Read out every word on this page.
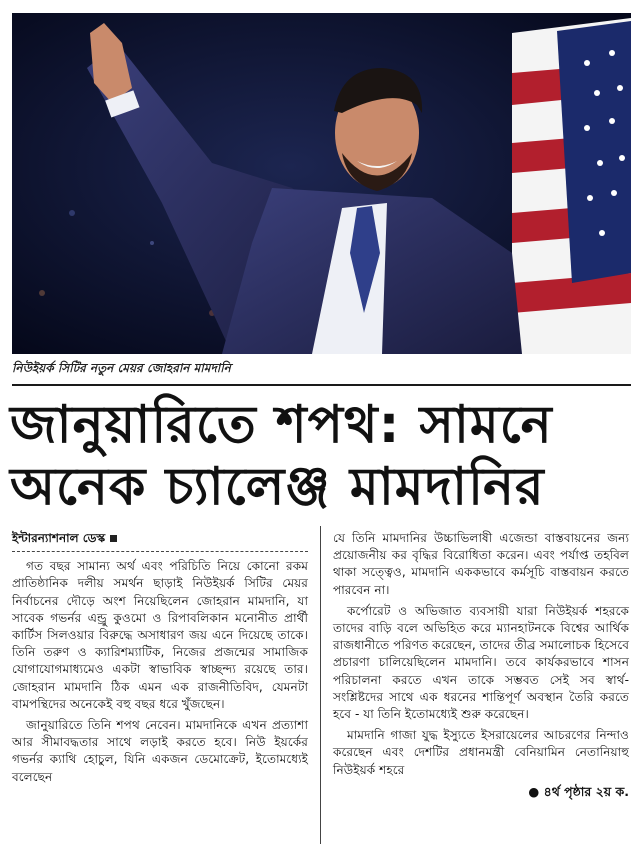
নিউইয়র্ক সিটির নতুন মেয়র জোহরান মামদানি
জানুয়ারিতে শপথ: সামনে
অনেক চ্যালেঞ্জ মামদানির
ইন্টারন্যাশনাল ডেস্ক

গত বছর সামান্য অর্থ এবং পরিচিতি নিয়ে কোনো রকম প্রাতিষ্ঠানিক দলীয় সমর্থন ছাড়াই নিউইয়র্ক সিটির মেয়র নির্বাচনের দৌড়ে অংশ নিয়েছিলেন জোহরান মামদানি, যা সাবেক গভর্নর এন্ড্রু কুওমো ও রিপাবলিকান মনোনীত প্রার্থী কার্টিস সিলওয়ার বিরুদ্ধে অসাধারণ জয় এনে দিয়েছে তাকে। তিনি তরুণ ও ক্যারিশম্যাটিক, নিজের প্রজন্মের সামাজিক যোগাযোগমাধ্যমেও একটা স্বাভাবিক স্বাচ্ছন্দ্য রয়েছে তার। জোহরান মামদানি ঠিক এমন এক রাজনীতিবিদ, যেমনটা বামপন্থিদের অনেকেই বহু বছর ধরে খুঁজছেন।

জানুয়ারিতে তিনি শপথ নেবেন। মামদানিকে এখন প্রত্যাশা আর সীমাবদ্ধতার সাথে লড়াই করতে হবে। নিউ ইয়র্কের গভর্নর ক্যাথি হোচুল, যিনি একজন ডেমোক্রেট, ইতোমধ্যেই বলেছেন

যে তিনি মামদানির উচ্চাভিলাষী এজেন্ডা বাস্তবায়নের জন্য প্রয়োজনীয় কর বৃদ্ধির বিরোধিতা করেন। এবং পর্যাপ্ত তহবিল থাকা সত্ত্বেও, মামদানি এককভাবে কর্মসূচি বাস্তবায়ন করতে পারবেন না।

কর্পোরেট ও অভিজাত ব্যবসায়ী যারা নিউইয়র্ক শহরকে তাদের বাড়ি বলে অভিহিত করে ম্যানহাটনকে বিশ্বের আর্থিক রাজধানীতে পরিণত করেছেন, তাদের তীব্র সমালোচক হিসেবে প্রচারণা চালিয়েছিলেন মামদানি। তবে কার্যকরভাবে শাসন পরিচালনা করতে এখন তাকে সম্ভবত সেই সব স্বার্থ-সংশ্লিষ্টদের সাথে এক ধরনের শান্তিপূর্ণ অবস্থান তৈরি করতে হবে - যা তিনি ইতোমধ্যেই শুরু করেছেন।

মামদানি গাজা যুদ্ধ ইস্যুতে ইসরায়েলের আচরণের নিন্দাও করেছেন এবং দেশটির প্রধানমন্ত্রী বেনিয়ামিন নেতানিয়াহু নিউইয়র্ক শহরে

● ৪র্থ পৃষ্ঠার ২য় ক.
